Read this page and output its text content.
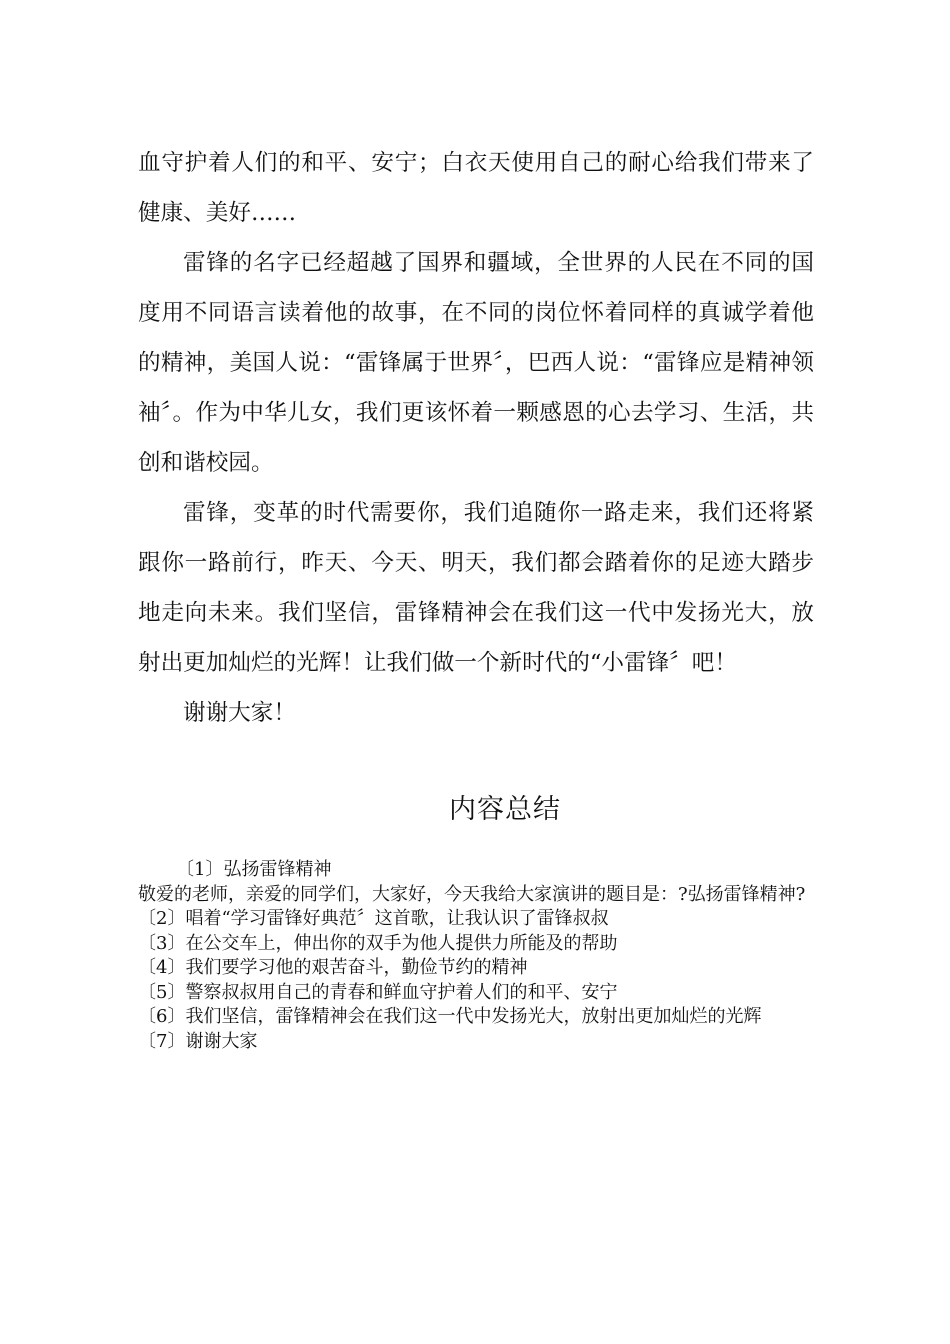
血守护着人们的和平、安宁；白衣天使用自己的耐心给我们带来了健康、美好……

雷锋的名字已经超越了国界和疆域，全世界的人民在不同的国度用不同语言读着他的故事，在不同的岗位怀着同样的真诚学着他的精神，美国人说：“雷锋属于世界〞，巴西人说：“雷锋应是精神领袖〞。作为中华儿女，我们更该怀着一颗感恩的心去学习、生活，共创和谐校园。

雷锋，变革的时代需要你，我们追随你一路走来，我们还将紧跟你一路前行，昨天、今天、明天，我们都会踏着你的足迹大踏步地走向未来。我们坚信，雷锋精神会在我们这一代中发扬光大，放射出更加灿烂的光辉！让我们做一个新时代的“小雷锋〞吧！

谢谢大家！

内容总结

〔1〕弘扬雷锋精神

敬爱的老师，亲爱的同学们，大家好，今天我给大家演讲的题目是：?弘扬雷锋精神?

〔2〕唱着“学习雷锋好典范〞这首歌，让我认识了雷锋叔叔

〔3〕在公交车上，伸出你的双手为他人提供力所能及的帮助

〔4〕我们要学习他的艰苦奋斗，勤俭节约的精神

〔5〕警察叔叔用自己的青春和鲜血守护着人们的和平、安宁

〔6〕我们坚信，雷锋精神会在我们这一代中发扬光大，放射出更加灿烂的光辉

〔7〕谢谢大家
